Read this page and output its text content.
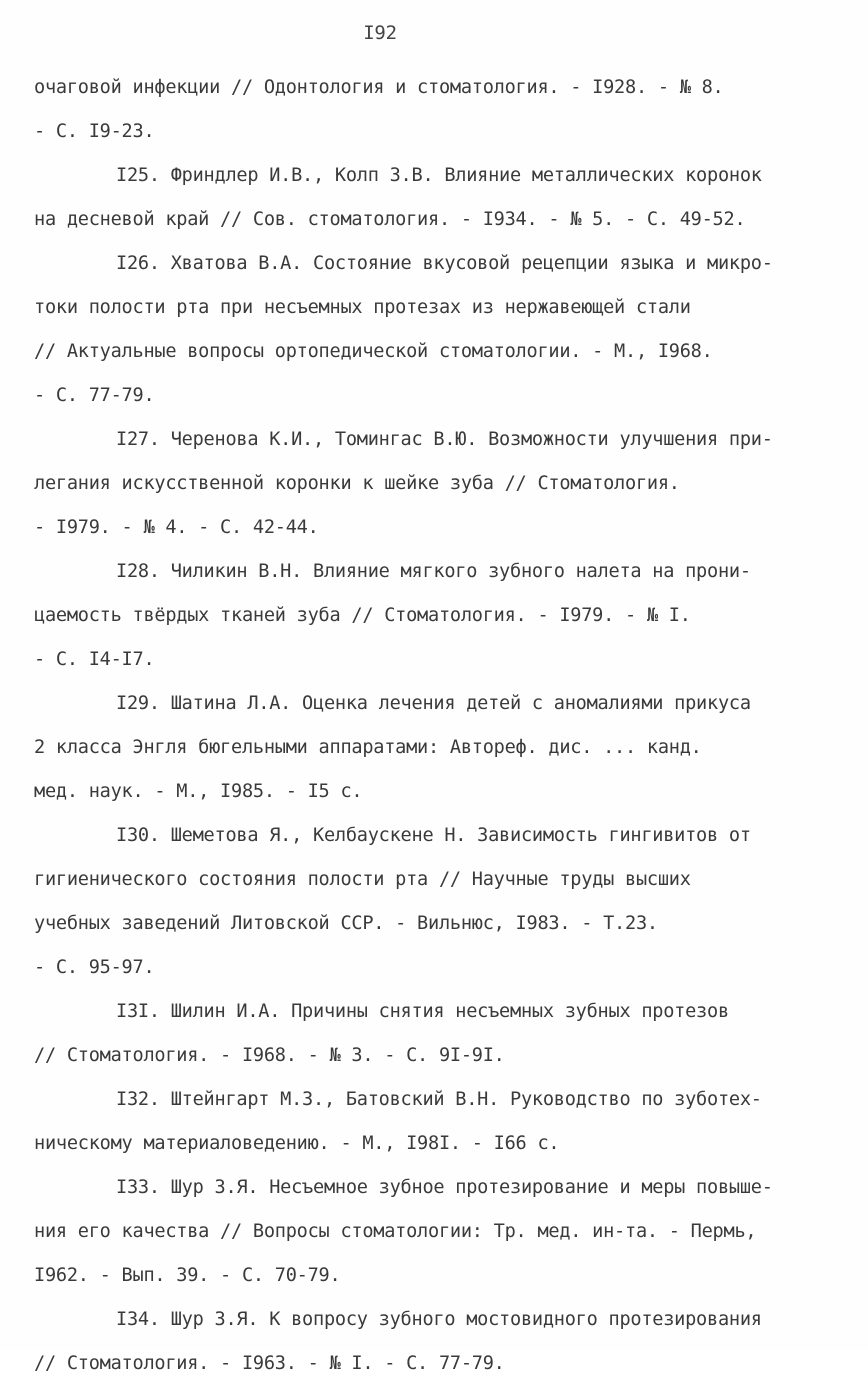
I92
очаговой инфекции // Одонтология и стоматология. - I928. - № 8.
- С. I9-23.
I25. Фриндлер И.В., Колп З.В. Влияние металлических коронок
на десневой край // Сов. стоматология. - I934. - № 5. - С. 49-52.
I26. Хватова В.А. Состояние вкусовой рецепции языка и микро-
токи полости рта при несъемных протезах из нержавеющей стали
// Актуальные вопросы ортопедической стоматологии. - М., I968.
- С. 77-79.
I27. Черенова К.И., Томингас В.Ю. Возможности улучшения при-
легания искусственной коронки к шейке зуба // Стоматология.
- I979. - № 4. - С. 42-44.
I28. Чиликин В.Н. Влияние мягкого зубного налета на прони-
цаемость твёрдых тканей зуба // Стоматология. - I979. - № I.
- С. I4-I7.
I29. Шатина Л.А. Оценка лечения детей с аномалиями прикуса
2 класса Энгля бюгельными аппаратами: Автореф. дис. ... канд.
мед. наук. - М., I985. - I5 с.
I30. Шеметова Я., Келбаускене Н. Зависимость гингивитов от
гигиенического состояния полости рта // Научные труды высших
учебных заведений Литовской ССР. - Вильнюс, I983. - Т.23.
- С. 95-97.
I3I. Шилин И.А. Причины снятия несъемных зубных протезов
// Стоматология. - I968. - № 3. - С. 9I-9I.
I32. Штейнгарт М.З., Батовский В.Н. Руководство по зуботех-
ническому материаловедению. - М., I98I. - I66 с.
I33. Шур З.Я. Несъемное зубное протезирование и меры повыше-
ния его качества // Вопросы стоматологии: Тр. мед. ин-та. - Пермь,
I962. - Вып. 39. - С. 70-79.
I34. Шур З.Я. К вопросу зубного мостовидного протезирования
// Стоматология. - I963. - № I. - С. 77-79.
